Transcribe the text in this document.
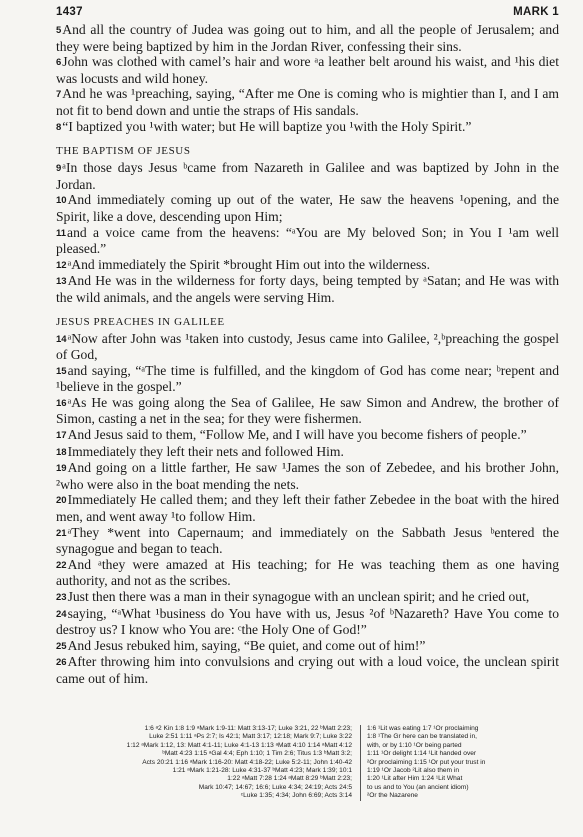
1437	MARK 1

5And all the country of Judea was going out to him, and all the people of Jerusalem; and they were being baptized by him in the Jordan River, confessing their sins.

6John was clothed with camel’s hair and wore ᵃa leather belt around his waist, and ¹his diet was locusts and wild honey.

7And he was ¹preaching, saying, “After me One is coming who is mightier than I, and I am not fit to bend down and untie the straps of His sandals.

8“I baptized you ¹with water; but He will baptize you ¹with the Holy Spirit.”

THE BAPTISM OF JESUS

9ᵃIn those days Jesus ᵇcame from Nazareth in Galilee and was baptized by John in the Jordan.

10And immediately coming up out of the water, He saw the heavens ¹opening, and the Spirit, like a dove, descending upon Him;

11and a voice came from the heavens: “ᵃYou are My beloved Son; in You I ¹am well pleased.”

12ᵃAnd immediately the Spirit *brought Him out into the wilderness.

13And He was in the wilderness for forty days, being tempted by ᵃSatan; and He was with the wild animals, and the angels were serving Him.

JESUS PREACHES IN GALILEE

14ᵃNow after John was ¹taken into custody, Jesus came into Galilee, ²,ᵇpreaching the gospel of God,

15and saying, “ᵃThe time is fulfilled, and the kingdom of God has come near; ᵇrepent and ¹believe in the gospel.”

16ᵃAs He was going along the Sea of Galilee, He saw Simon and Andrew, the brother of Simon, casting a net in the sea; for they were fishermen.

17And Jesus said to them, “Follow Me, and I will have you become fishers of people.”

18Immediately they left their nets and followed Him.

19And going on a little farther, He saw ¹James the son of Zebedee, and his brother John, ²who were also in the boat mending the nets.

20Immediately He called them; and they left their father Zebedee in the boat with the hired men, and went away ¹to follow Him.

21ᵃThey *went into Capernaum; and immediately on the Sabbath Jesus ᵇentered the synagogue and began to teach.

22And ᵃthey were amazed at His teaching; for He was teaching them as one having authority, and not as the scribes.

23Just then there was a man in their synagogue with an unclean spirit; and he cried out,

24saying, “ᵃWhat ¹business do You have with us, Jesus ²of ᵇNazareth? Have You come to destroy us? I know who You are: ᶜthe Holy One of God!”

25And Jesus rebuked him, saying, “Be quiet, and come out of him!”

26After throwing him into convulsions and crying out with a loud voice, the unclean spirit came out of him.

1:6 ᵃ2 Kin 1:8 1:9 ᵃMark 1:9-11: Matt 3:13-17; Luke 3:21, 22 ᵇMatt 2:23;
Luke 2:51 1:11 ᵃPs 2:7; Is 42:1; Matt 3:17; 12:18; Mark 9:7; Luke 3:22
1:12 ᵃMark 1:12, 13: Matt 4:1-11; Luke 4:1-13 1:13 ᵃMatt 4:10 1:14 ᵃMatt 4:12
ᵇMatt 4:23 1:15 ᵃGal 4:4; Eph 1:10; 1 Tim 2:6; Titus 1:3 ᵇMatt 3:2;
Acts 20:21 1:16 ᵃMark 1:16-20: Matt 4:18-22; Luke 5:2-11; John 1:40-42
1:21 ᵃMark 1:21-28: Luke 4:31-37 ᵇMatt 4:23; Mark 1:39; 10:1
1:22 ᵃMatt 7:28 1:24 ᵃMatt 8:29 ᵇMatt 2:23;
Mark 10:47; 14:67; 16:6; Luke 4:34; 24:19; Acts 24:5
ᶜLuke 1:35; 4:34; John 6:69; Acts 3:14
1:6 ¹Lit was eating 1:7 ¹Or proclaiming
1:8 ¹The Gr here can be translated in,
with, or by 1:10 ¹Or being parted
1:11 ¹Or delight 1:14 ¹Lit handed over
²Or proclaiming 1:15 ¹Or put your trust in
1:19 ¹Or Jacob ²Lit also them in
1:20 ¹Lit after Him 1:24 ¹Lit What
to us and to You (an ancient idiom)
²Or the Nazarene
